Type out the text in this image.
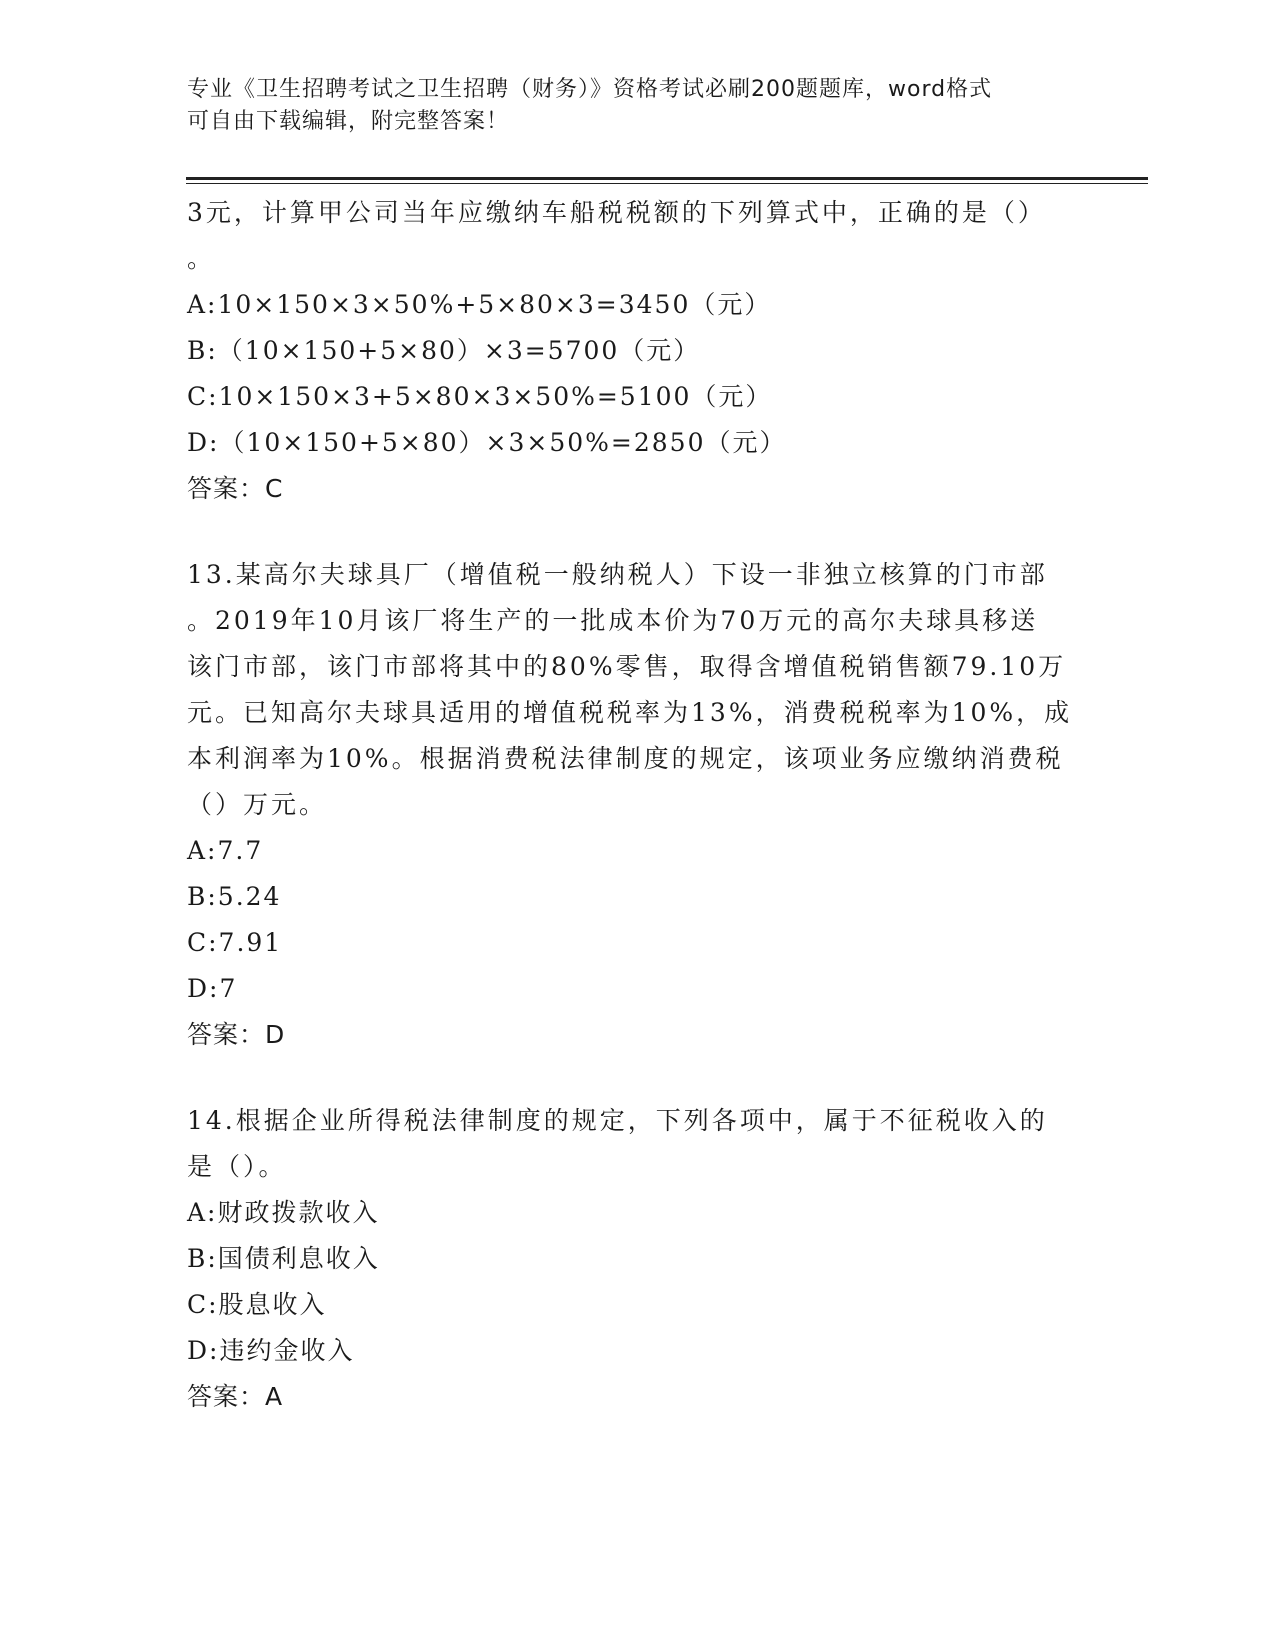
专业《卫生招聘考试之卫生招聘（财务）》资格考试必刷200题题库，word格式
可自由下载编辑，附完整答案！
3元，计算甲公司当年应缴纳车船税税额的下列算式中，正确的是（）
。
A:10×150×3×50%+5×80×3=3450（元）
B:（10×150+5×80）×3=5700（元）
C:10×150×3+5×80×3×50%=5100（元）
D:（10×150+5×80）×3×50%=2850（元）
答案：C
13.某高尔夫球具厂（增值税一般纳税人）下设一非独立核算的门市部
。2019年10月该厂将生产的一批成本价为70万元的高尔夫球具移送
该门市部，该门市部将其中的80%零售，取得含增值税销售额79.10万
元。已知高尔夫球具适用的增值税税率为13%，消费税税率为10%，成
本利润率为10%。根据消费税法律制度的规定，该项业务应缴纳消费税
（）万元。
A:7.7
B:5.24
C:7.91
D:7
答案：D
14.根据企业所得税法律制度的规定，下列各项中，属于不征税收入的
是（）。
A:财政拨款收入
B:国债利息收入
C:股息收入
D:违约金收入
答案：A
